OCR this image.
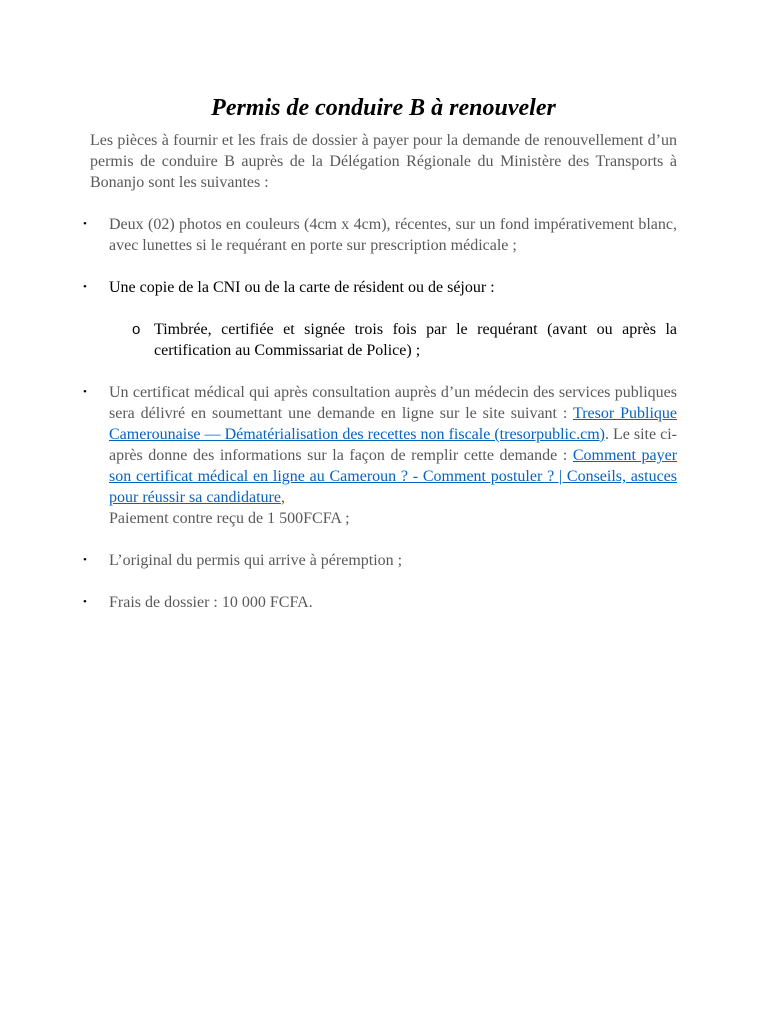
Permis de conduire B à renouveler

Les pièces à fournir et les frais de dossier à payer pour la demande de renouvellement d’un permis de conduire B auprès de la Délégation Régionale du Ministère des Transports à Bonanjo sont les suivantes :

• Deux (02) photos en couleurs (4cm x 4cm), récentes, sur un fond impérativement blanc, avec lunettes si le requérant en porte sur prescription médicale ;
• Une copie de la CNI ou de la carte de résident ou de séjour :
o Timbrée, certifiée et signée trois fois par le requérant (avant ou après la certification au Commissariat de Police) ;
• Un certificat médical qui après consultation auprès d’un médecin des services publiques sera délivré en soumettant une demande en ligne sur le site suivant : Tresor Publique Camerounaise — Dématérialisation des recettes non fiscale (tresorpublic.cm). Le site ci-après donne des informations sur la façon de remplir cette demande : Comment payer son certificat médical en ligne au Cameroun ? - Comment postuler ? | Conseils, astuces pour réussir sa candidature,
Paiement contre reçu de 1 500FCFA ;
• L’original du permis qui arrive à péremption ;
• Frais de dossier : 10 000 FCFA.
